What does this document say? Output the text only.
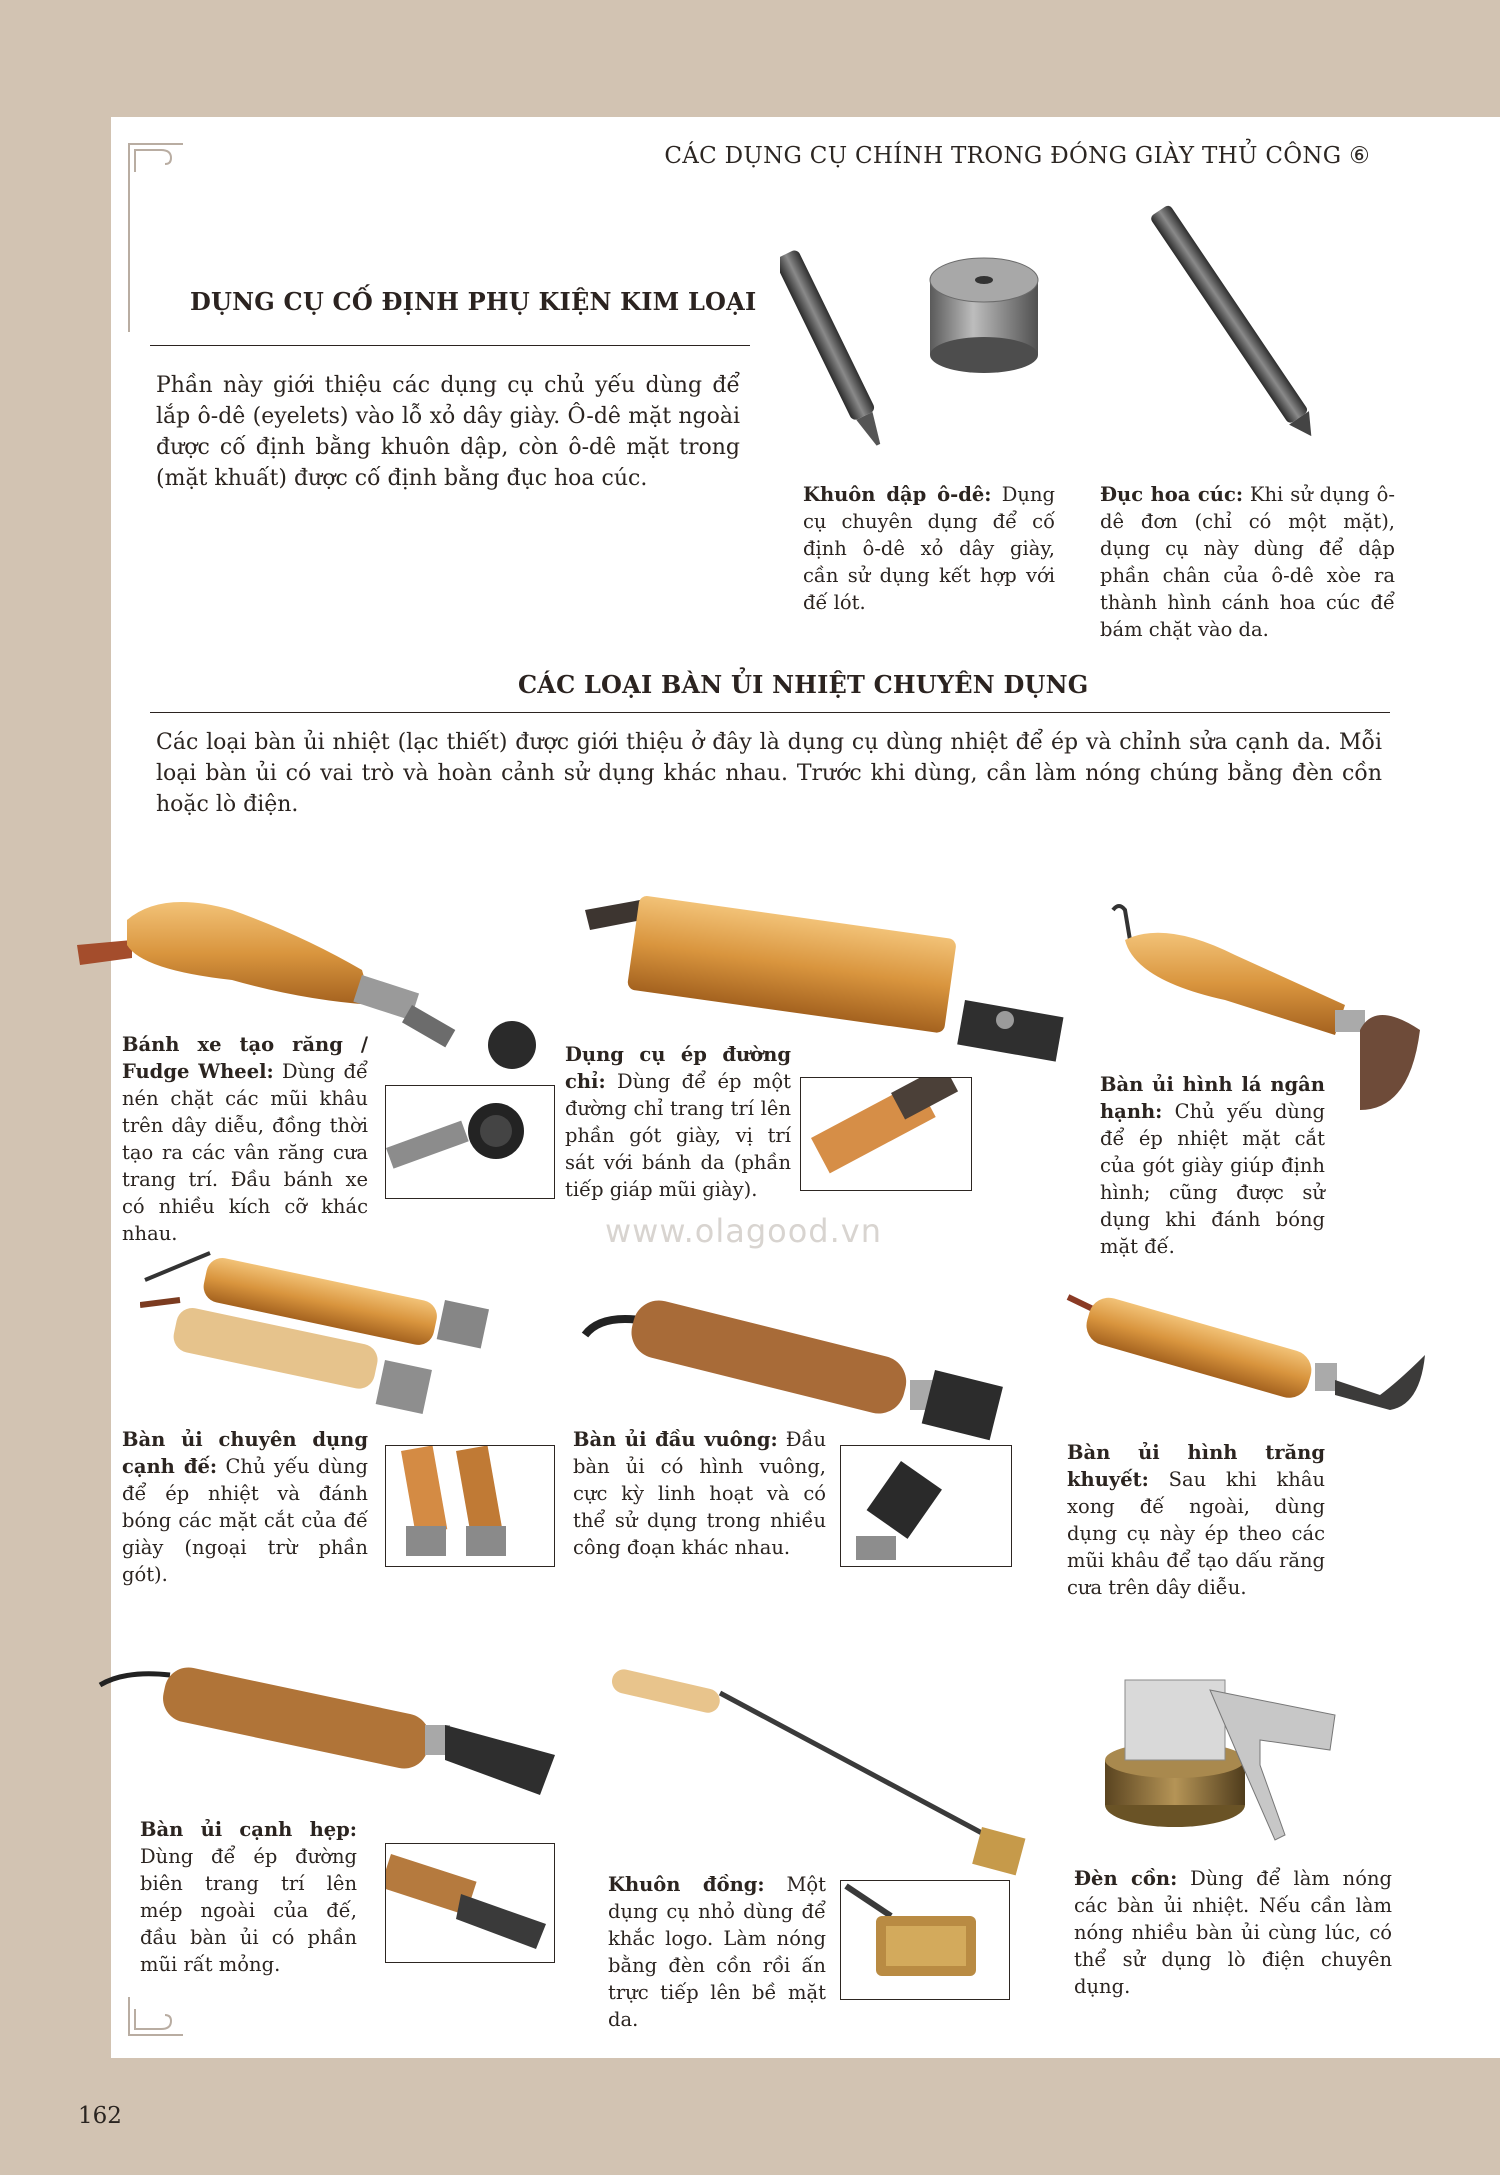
CÁC DỤNG CỤ CHÍNH TRONG ĐÓNG GIÀY THỦ CÔNG ⑥
DỤNG CỤ CỐ ĐỊNH PHỤ KIỆN KIM LOẠI
Phần này giới thiệu các dụng cụ chủ yếu dùng để lắp ô-dê (eyelets) vào lỗ xỏ dây giày. Ô-dê mặt ngoài được cố định bằng khuôn dập, còn ô-dê mặt trong (mặt khuất) được cố định bằng đục hoa cúc.
Khuôn dập ô-dê: Dụng cụ chuyên dụng để cố định ô-dê xỏ dây giày, cần sử dụng kết hợp với đế lót.
Đục hoa cúc: Khi sử dụng ô-dê đơn (chỉ có một mặt), dụng cụ này dùng để dập phần chân của ô-dê xòe ra thành hình cánh hoa cúc để bám chặt vào da.
CÁC LOẠI BÀN ỦI NHIỆT CHUYÊN DỤNG
Các loại bàn ủi nhiệt (lạc thiết) được giới thiệu ở đây là dụng cụ dùng nhiệt để ép và chỉnh sửa cạnh da. Mỗi loại bàn ủi có vai trò và hoàn cảnh sử dụng khác nhau. Trước khi dùng, cần làm nóng chúng bằng đèn cồn hoặc lò điện.
Bánh xe tạo răng / Fudge Wheel: Dùng để nén chặt các mũi khâu trên dây diễu, đồng thời tạo ra các vân răng cưa trang trí. Đầu bánh xe có nhiều kích cỡ khác nhau.
Dụng cụ ép đường chỉ: Dùng để ép một đường chỉ trang trí lên phần gót giày, vị trí sát với bánh da (phần tiếp giáp mũi giày).
Bàn ủi hình lá ngân hạnh: Chủ yếu dùng để ép nhiệt mặt cắt của gót giày giúp định hình; cũng được sử dụng khi đánh bóng mặt đế.
www.olagood.vn
Bàn ủi chuyên dụng cạnh đế: Chủ yếu dùng để ép nhiệt và đánh bóng các mặt cắt của đế giày (ngoại trừ phần gót).
Bàn ủi đầu vuông: Đầu bàn ủi có hình vuông, cực kỳ linh hoạt và có thể sử dụng trong nhiều công đoạn khác nhau.
Bàn ủi hình trăng khuyết: Sau khi khâu xong đế ngoài, dùng dụng cụ này ép theo các mũi khâu để tạo dấu răng cưa trên dây diễu.
Bàn ủi cạnh hẹp: Dùng để ép đường biên trang trí lên mép ngoài của đế, đầu bàn ủi có phần mũi rất mỏng.
Khuôn đồng: Một dụng cụ nhỏ dùng để khắc logo. Làm nóng bằng đèn cồn rồi ấn trực tiếp lên bề mặt da.
Đèn cồn: Dùng để làm nóng các bàn ủi nhiệt. Nếu cần làm nóng nhiều bàn ủi cùng lúc, có thể sử dụng lò điện chuyên dụng.
162
